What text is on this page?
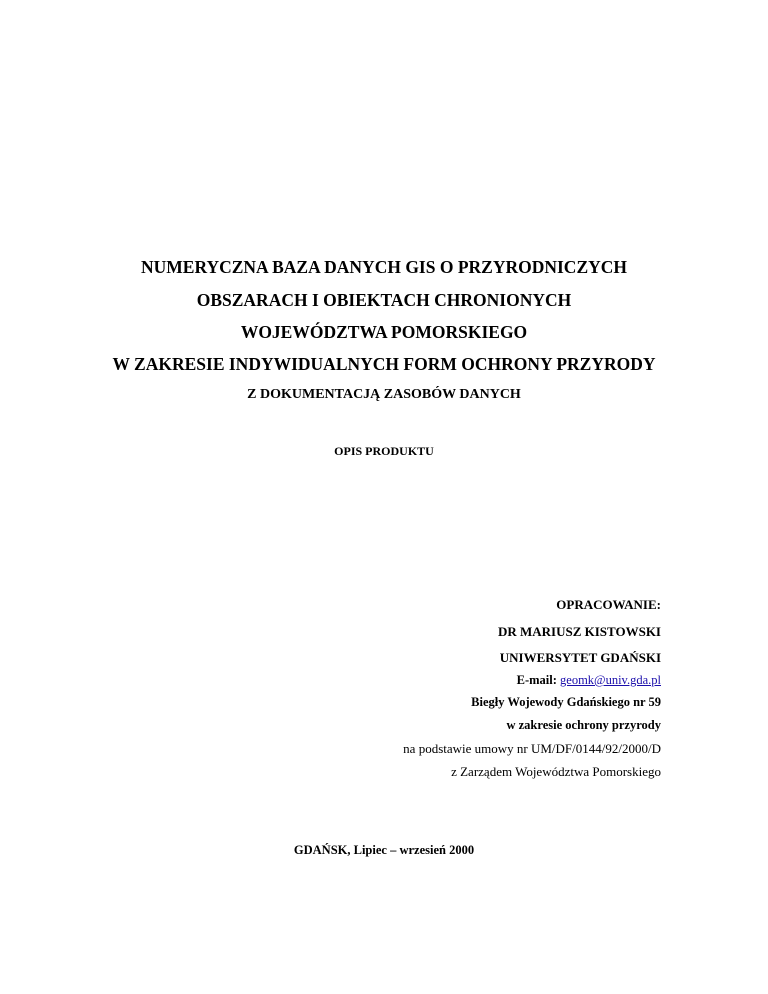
NUMERYCZNA BAZA DANYCH GIS O PRZYRODNICZYCH

OBSZARACH I OBIEKTACH CHRONIONYCH

WOJEWÓDZTWA POMORSKIEGO

W ZAKRESIE INDYWIDUALNYCH FORM OCHRONY PRZYRODY

Z DOKUMENTACJĄ ZASOBÓW DANYCH

OPIS PRODUKTU

OPRACOWANIE:

DR MARIUSZ KISTOWSKI

UNIWERSYTET GDAŃSKI

E-mail: geomk@univ.gda.pl

Biegły Wojewody Gdańskiego nr 59

w zakresie ochrony przyrody

na podstawie umowy nr UM/DF/0144/92/2000/D

z Zarządem Województwa Pomorskiego

GDAŃSK, Lipiec – wrzesień 2000
